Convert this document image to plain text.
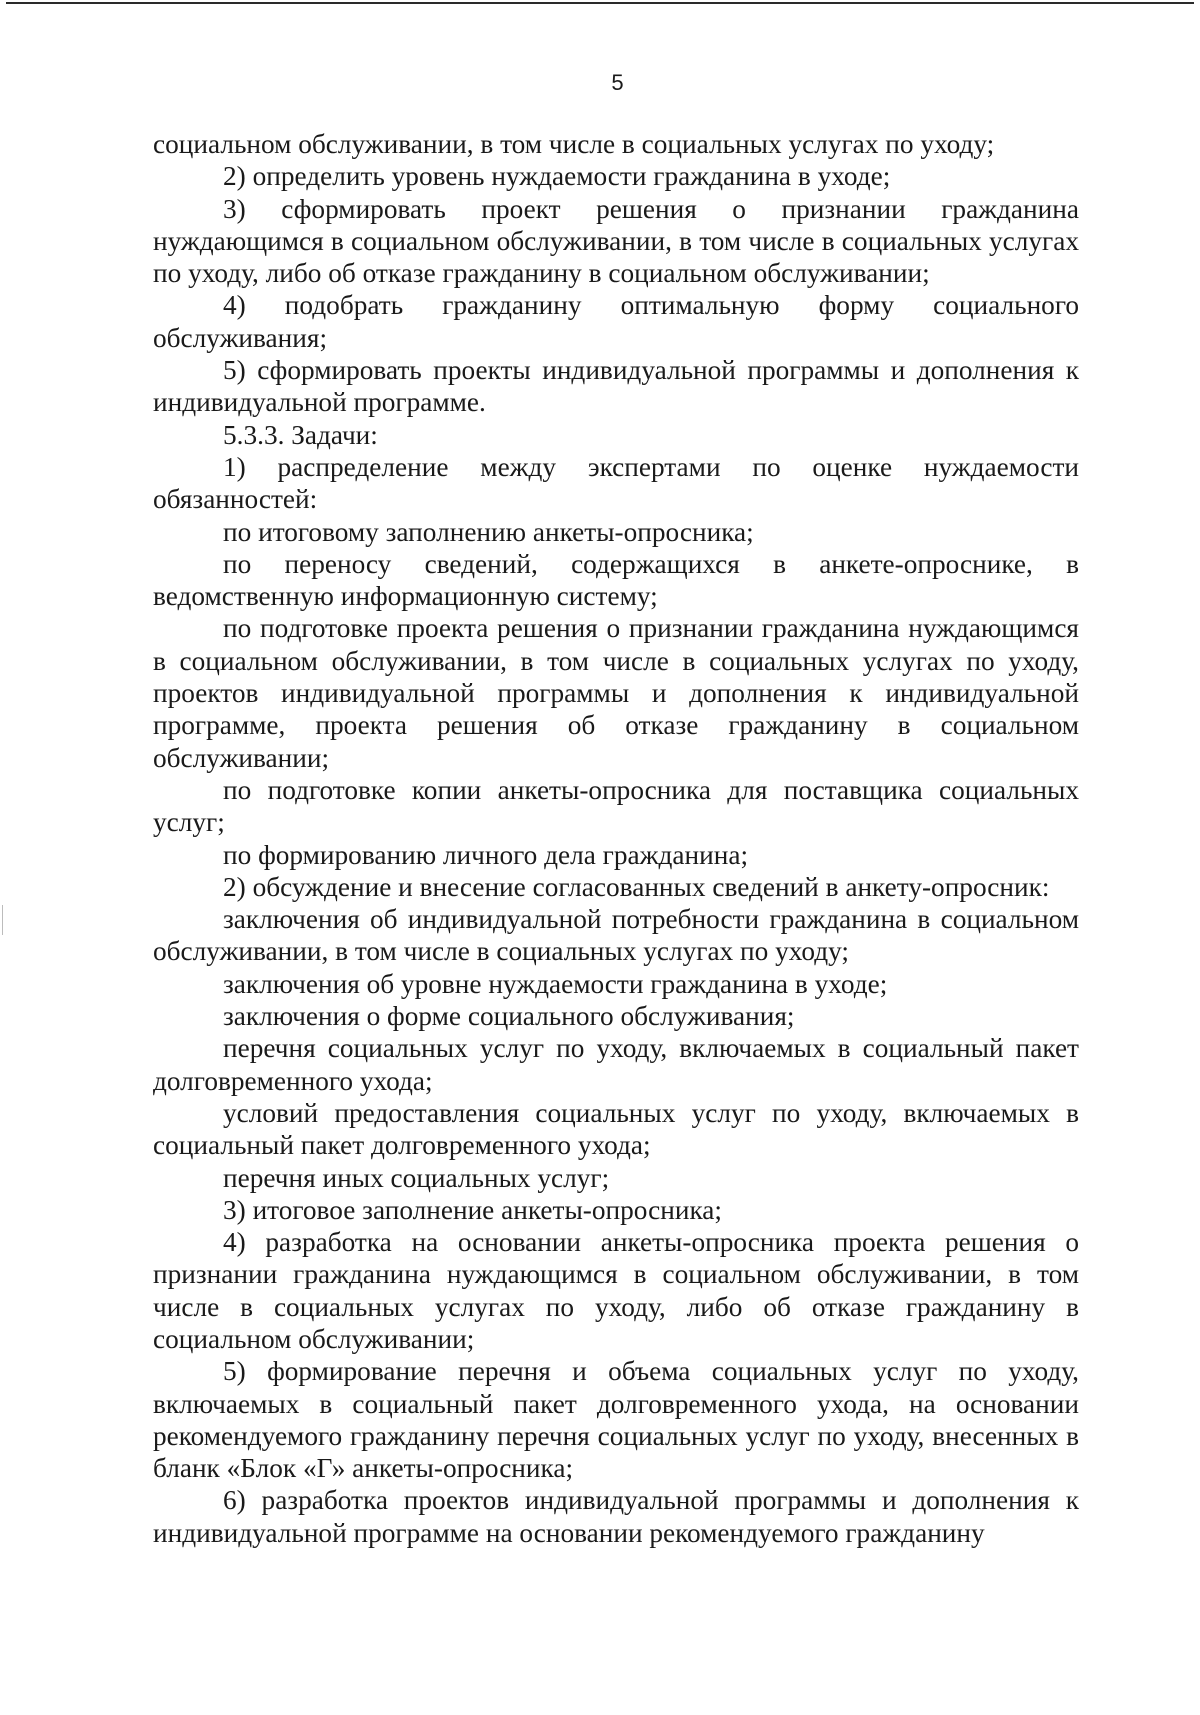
5

социальном обслуживании, в том числе в социальных услугах по уходу;

2) определить уровень нуждаемости гражданина в уходе;

3) сформировать проект решения о признании гражданина нуждающимся в социальном обслуживании, в том числе в социальных услугах по уходу, либо об отказе гражданину в социальном обслуживании;

4) подобрать гражданину оптимальную форму социального обслуживания;

5) сформировать проекты индивидуальной программы и дополнения к индивидуальной программе.

5.3.3. Задачи:

1) распределение между экспертами по оценке нуждаемости обязанностей:

по итоговому заполнению анкеты-опросника;

по переносу сведений, содержащихся в анкете-опроснике, в ведомственную информационную систему;

по подготовке проекта решения о признании гражданина нуждающимся в социальном обслуживании, в том числе в социальных услугах по уходу, проектов индивидуальной программы и дополнения к индивидуальной программе, проекта решения об отказе гражданину в социальном обслуживании;

по подготовке копии анкеты-опросника для поставщика социальных услуг;

по формированию личного дела гражданина;

2) обсуждение и внесение согласованных сведений в анкету-опросник:

заключения об индивидуальной потребности гражданина в социальном обслуживании, в том числе в социальных услугах по уходу;

заключения об уровне нуждаемости гражданина в уходе;

заключения о форме социального обслуживания;

перечня социальных услуг по уходу, включаемых в социальный пакет долговременного ухода;

условий предоставления социальных услуг по уходу, включаемых в социальный пакет долговременного ухода;

перечня иных социальных услуг;

3) итоговое заполнение анкеты-опросника;

4) разработка на основании анкеты-опросника проекта решения о признании гражданина нуждающимся в социальном обслуживании, в том числе в социальных услугах по уходу, либо об отказе гражданину в социальном обслуживании;

5) формирование перечня и объема социальных услуг по уходу, включаемых в социальный пакет долговременного ухода, на основании рекомендуемого гражданину перечня социальных услуг по уходу, внесенных в бланк «Блок «Г» анкеты-опросника;

6) разработка проектов индивидуальной программы и дополнения к индивидуальной программе на основании рекомендуемого гражданину
